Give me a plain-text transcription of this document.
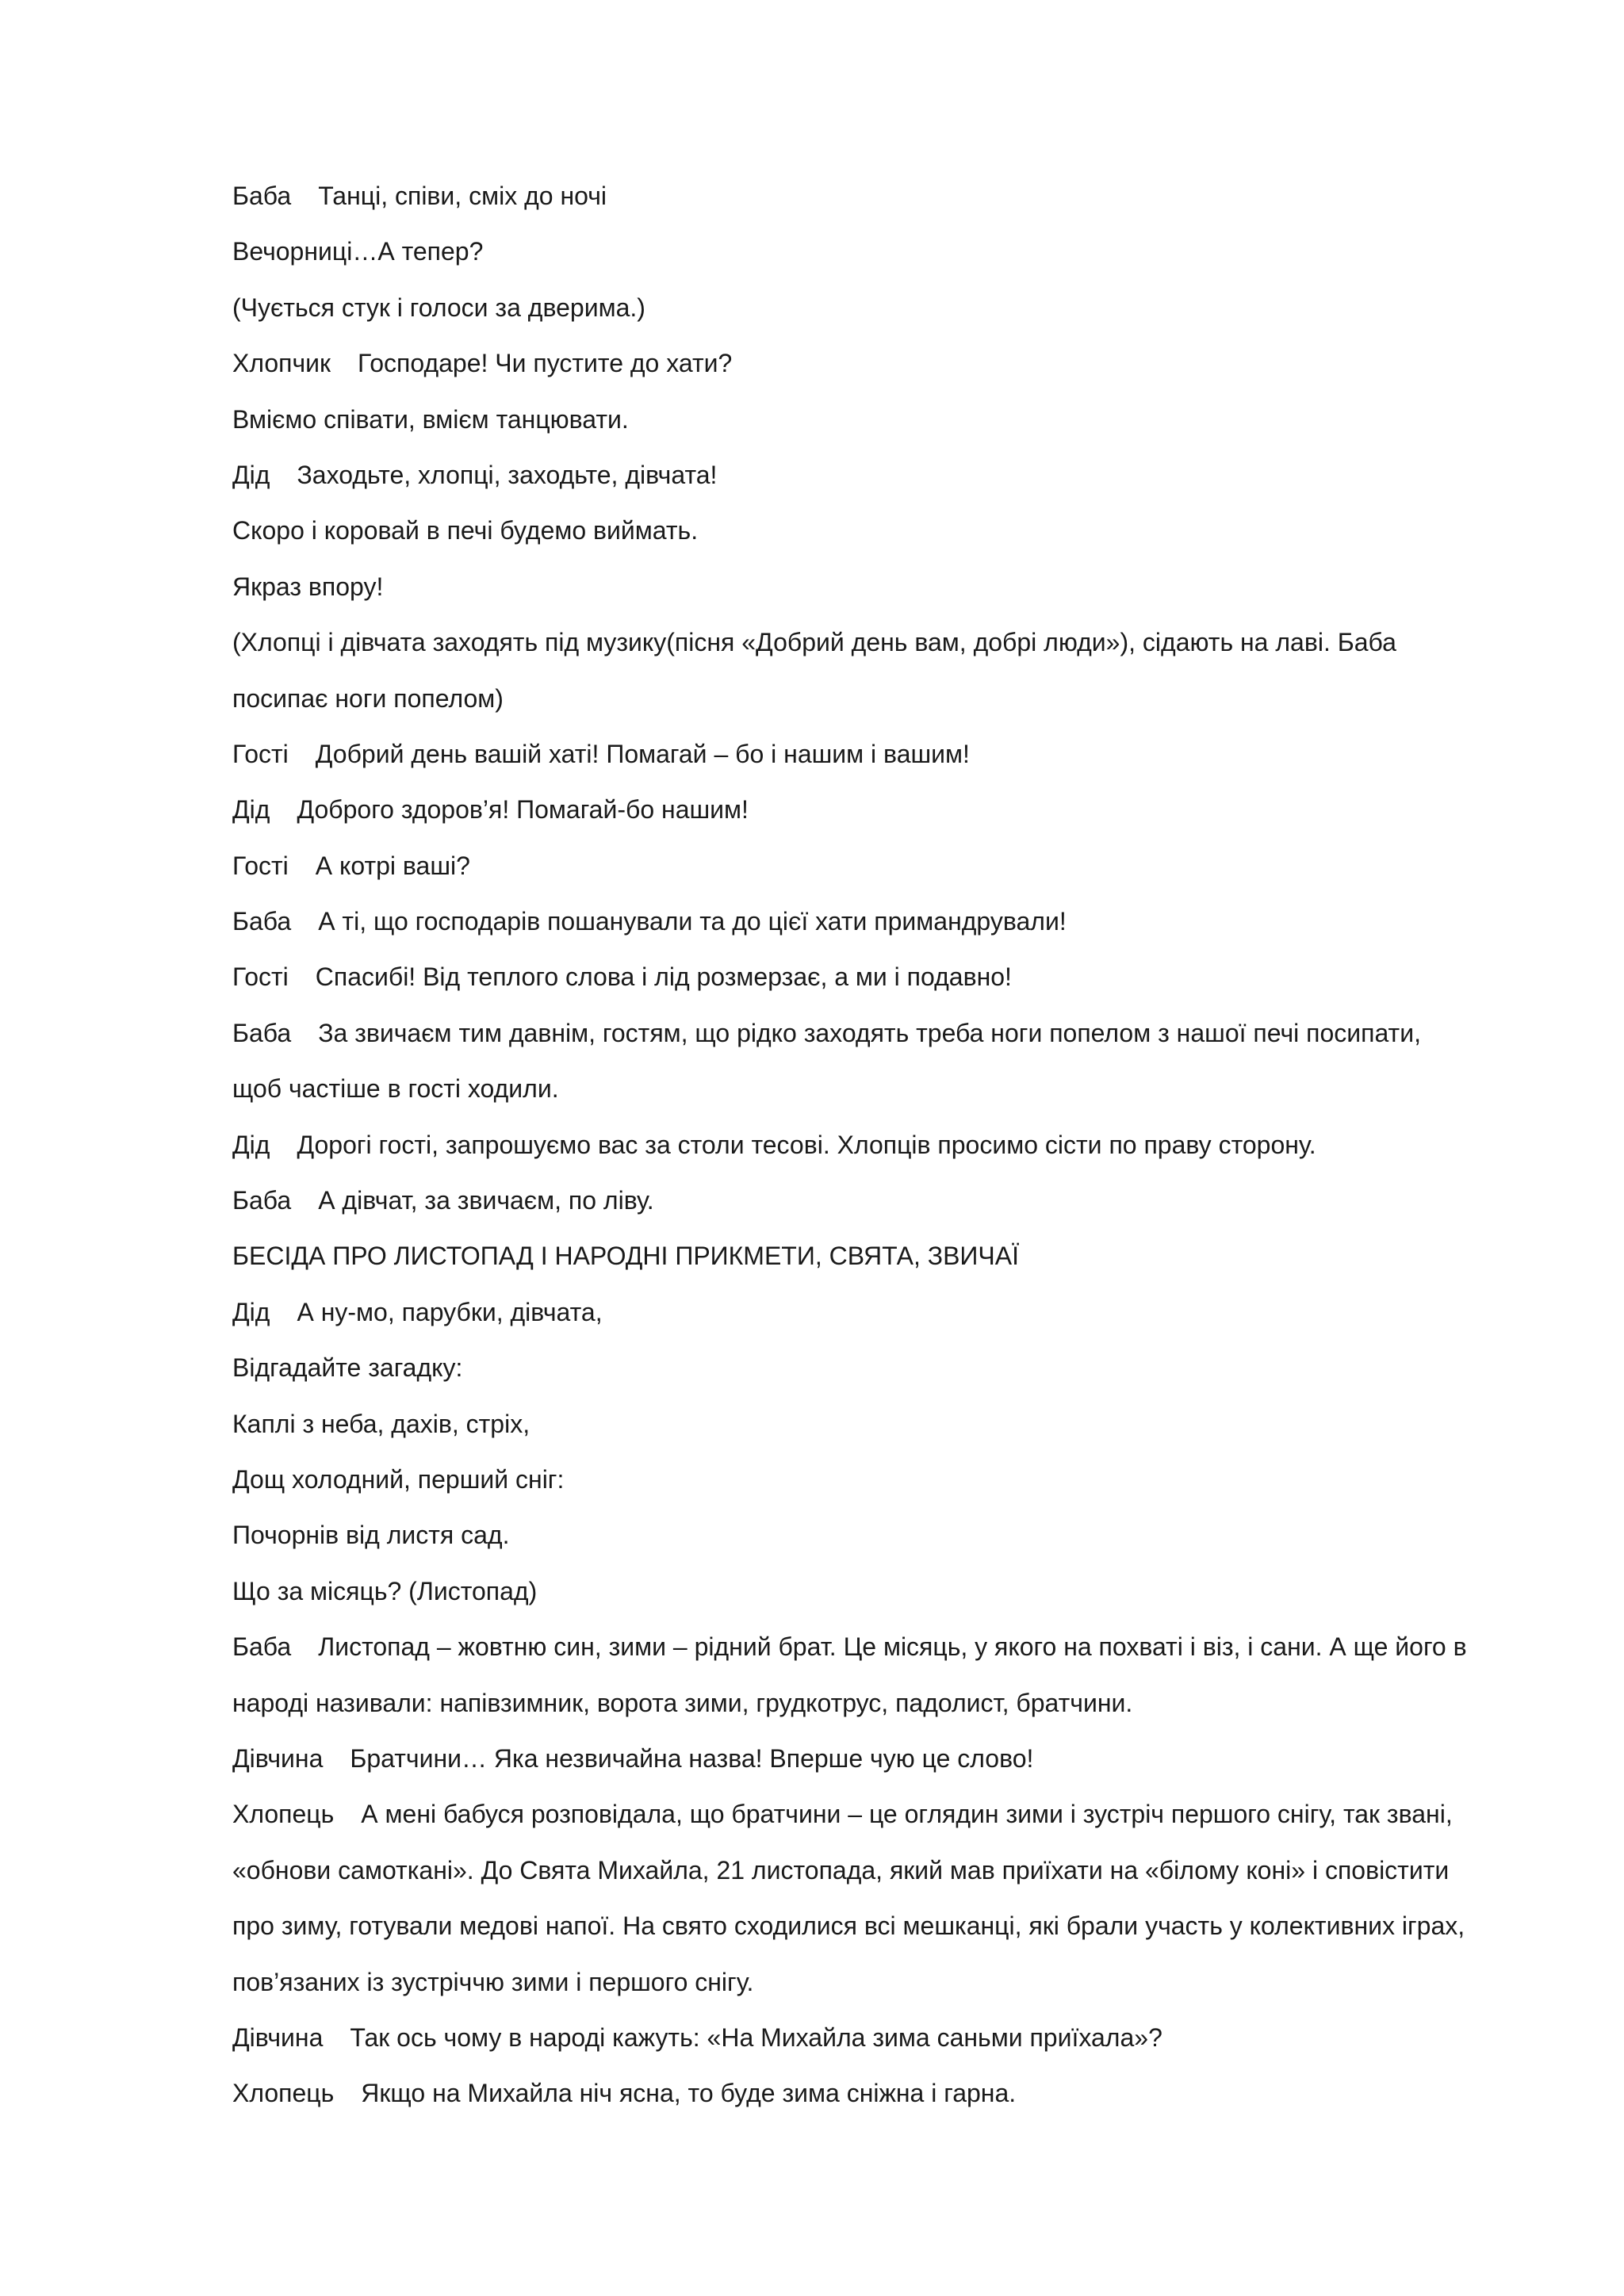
Баба Танці, співи, сміх до ночі
Вечорниці…А тепер?
(Чується стук і голоси за дверима.)
Хлопчик Господаре! Чи пустите до хати?
Вміємо співати, вмієм танцювати.
Дід Заходьте, хлопці, заходьте, дівчата!
Скоро і коровай в печі будемо виймать.
Якраз впору!
(Хлопці і дівчата заходять під музику(пісня «Добрий день вам, добрі люди»), сідають на лаві. Баба
посипає ноги попелом)
Гості Добрий день вашій хаті! Помагай – бо і нашим і вашим!
Дід Доброго здоров’я! Помагай-бо нашим!
Гості А котрі ваші?
Баба А ті, що господарів пошанували та до цієї хати примандрували!
Гості Спасибі! Від теплого слова і лід розмерзає, а ми і подавно!
Баба За звичаєм тим давнім, гостям, що рідко заходять треба ноги попелом з нашої печі посипати,
щоб частіше в гості ходили.
Дід Дорогі гості, запрошуємо вас за столи тесові. Хлопців просимо сісти по праву сторону.
Баба А дівчат, за звичаєм, по ліву.
БЕСІДА ПРО ЛИСТОПАД І НАРОДНІ ПРИКМЕТИ, СВЯТА, ЗВИЧАЇ
Дід А ну-мо, парубки, дівчата,
Відгадайте загадку:
Каплі з неба, дахів, стріх,
Дощ холодний, перший сніг:
Почорнів від листя сад.
Що за місяць? (Листопад)
Баба Листопад – жовтню син, зими – рідний брат. Це місяць, у якого на похваті і віз, і сани. А ще його в
народі називали: напівзимник, ворота зими, грудкотрус, падолист, братчини.
Дівчина Братчини… Яка незвичайна назва! Вперше чую це слово!
Хлопець А мені бабуся розповідала, що братчини – це оглядин зими і зустріч першого снігу, так звані,
«обнови самоткані». До Свята Михайла, 21 листопада, який мав приїхати на «білому коні» і сповістити
про зиму, готували медові напої. На свято сходилися всі мешканці, які брали участь у колективних іграх,
пов’язаних із зустріччю зими і першого снігу.
Дівчина Так ось чому в народі кажуть: «На Михайла зима саньми приїхала»?
Хлопець Якщо на Михайла ніч ясна, то буде зима сніжна і гарна.
